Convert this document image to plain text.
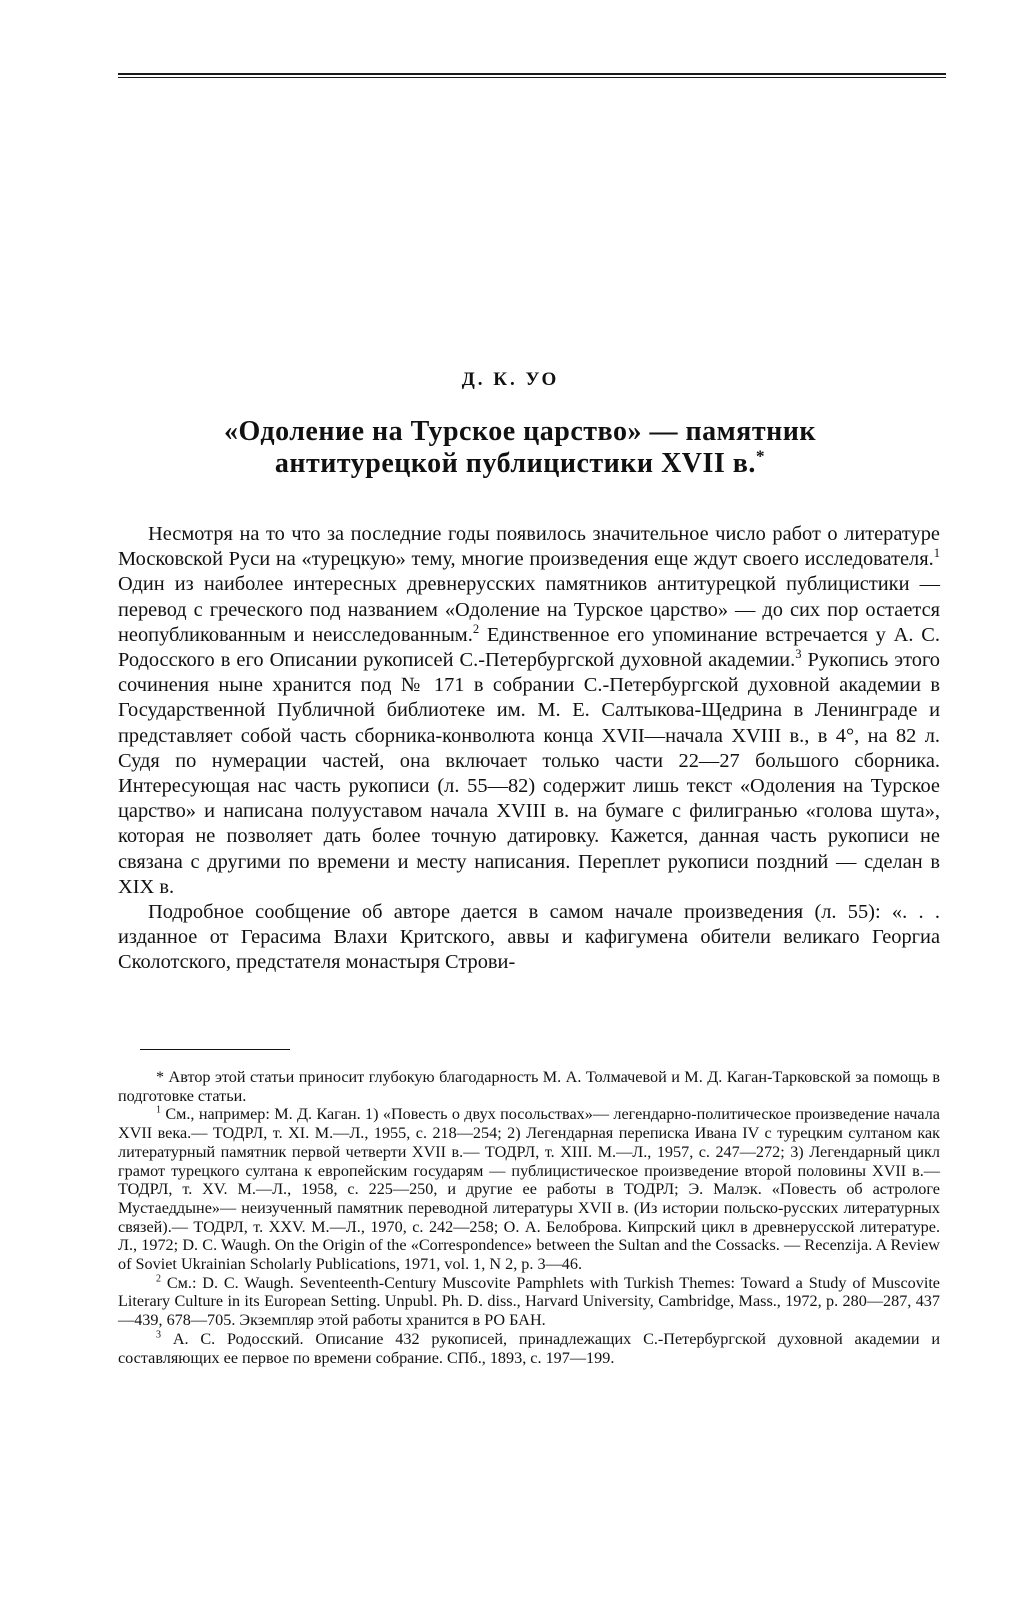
Д. К. УО
«Одоление на Турское царство» — памятник
антитурецкой публицистики XVII в.*

Несмотря на то что за последние годы появилось значительное число работ о литературе Московской Руси на «турецкую» тему, многие произведения еще ждут своего исследователя.$^1$ Один из наиболее интересных древнерусских памятников антитурецкой публицистики — перевод с греческого под названием «Одоление на Турское царство» — до сих пор остается неопубликованным и неисследованным.$^2$ Единственное его упоминание встречается у А. С. Родосского в его Описании рукописей С.-Петербургской духовной академии.$^3$ Рукопись этого сочинения ныне хранится под № 171 в собрании С.-Петербургской духовной академии в Государственной Публичной библиотеке им. М. Е. Салтыкова-Щедрина в Ленинграде и представляет собой часть сборника-конволюта конца XVII—начала XVIII в., в 4°, на 82 л. Судя по нумерации частей, она включает только части 22—27 большого сборника. Интересующая нас часть рукописи (л. 55—82) содержит лишь текст «Одоления на Турское царство» и написана полууставом начала XVIII в. на бумаге с филигранью «голова шута», которая не позволяет дать более точную датировку. Кажется, данная часть рукописи не связана с другими по времени и месту написания. Переплет рукописи поздний — сделан в XIX в.

Подробное сообщение об авторе дается в самом начале произведения (л. 55): «. . . изданное от Герасима Влахи Критского, аввы и кафигумена обители великаго Георгиа Сколотского, предстателя монастыря Строви-

* Автор этой статьи приносит глубокую благодарность М. А. Толмачевой и М. Д. Каган-Тарковской за помощь в подготовке статьи.

$^1$ См., например: М. Д. Каган. 1) «Повесть о двух посольствах»— легендарно-политическое произведение начала XVII века.— ТОДРЛ, т. XI. М.—Л., 1955, с. 218—254; 2) Легендарная переписка Ивана IV с турецким султаном как литературный памятник первой четверти XVII в.— ТОДРЛ, т. XIII. М.—Л., 1957, с. 247—272; 3) Легендарный цикл грамот турецкого султана к европейским государям — публицистическое произведение второй половины XVII в.— ТОДРЛ, т. XV. М.—Л., 1958, с. 225—250, и другие ее работы в ТОДРЛ; Э. Малэк. «Повесть об астрологе Мустаеддыне»— неизученный памятник переводной литературы XVII в. (Из истории польско-русских литературных связей).— ТОДРЛ, т. XXV. М.—Л., 1970, с. 242—258; О. А. Белоброва. Кипрский цикл в древнерусской литературе. Л., 1972; D. C. Waugh. On the Origin of the «Correspondence» between the Sultan and the Cossacks. — Recenzija. A Review of Soviet Ukrainian Scholarly Publications, 1971, vol. 1, N 2, p. 3—46.

$^2$ См.: D. C. Waugh. Seventeenth-Century Muscovite Pamphlets with Turkish Themes: Toward a Study of Muscovite Literary Culture in its European Setting. Unpubl. Ph. D. diss., Harvard University, Cambridge, Mass., 1972, p. 280—287, 437—439, 678—705. Экземпляр этой работы хранится в РО БАН.

$^3$ А. С. Родосский. Описание 432 рукописей, принадлежащих С.-Петербургской духовной академии и составляющих ее первое по времени собрание. СПб., 1893, с. 197—199.
